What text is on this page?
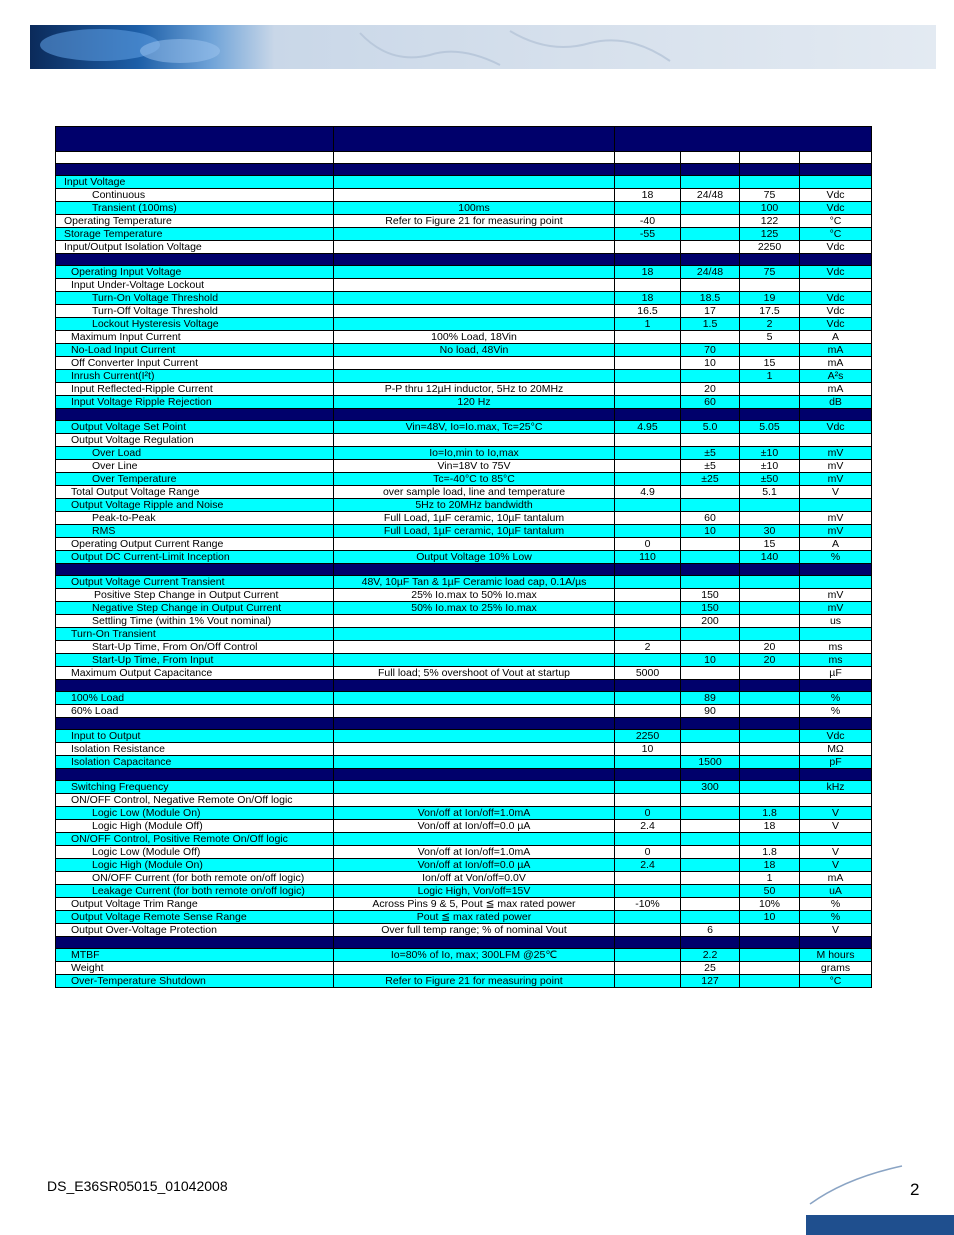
Input Voltage					
Continuous		18	24/48	75	Vdc
Transient (100ms)	100ms			100	Vdc
Operating Temperature	Refer to Figure 21 for measuring point	-40		122	°C
Storage Temperature		-55		125	°C
Input/Output Isolation Voltage				2250	Vdc

Operating Input Voltage		18	24/48	75	Vdc
Input Under-Voltage Lockout					
Turn-On Voltage Threshold		18	18.5	19	Vdc
Turn-Off Voltage Threshold		16.5	17	17.5	Vdc
Lockout Hysteresis Voltage		1	1.5	2	Vdc
Maximum Input Current	100% Load, 18Vin			5	A
No-Load Input Current	No load, 48Vin		70		mA
Off Converter Input Current			10	15	mA
Inrush Current(I²t)				1	A²s
Input Reflected-Ripple Current	P-P thru 12µH inductor, 5Hz to 20MHz		20		mA
Input Voltage Ripple Rejection	120 Hz		60		dB

Output Voltage Set Point	Vin=48V, Io=Io.max, Tc=25°C	4.95	5.0	5.05	Vdc
Output Voltage Regulation					
Over Load	Io=Io,min to Io,max		±5	±10	mV
Over Line	Vin=18V to 75V		±5	±10	mV
Over Temperature	Tc=-40°C to 85°C		±25	±50	mV
Total Output Voltage Range	over sample load, line and temperature	4.9		5.1	V
Output Voltage Ripple and Noise	5Hz to 20MHz bandwidth				
Peak-to-Peak	Full Load, 1µF ceramic, 10µF tantalum		60		mV
RMS	Full Load, 1µF ceramic, 10µF tantalum		10	30	mV
Operating Output Current Range		0		15	A
Output DC Current-Limit Inception	Output Voltage 10% Low	110		140	%

Output Voltage Current Transient	48V, 10µF Tan & 1µF Ceramic load cap, 0.1A/µs				
Positive Step Change in Output Current	25% Io.max to 50% Io.max		150		mV
Negative Step Change in Output Current	50% Io.max to 25% Io.max		150		mV
Settling Time (within 1% Vout nominal)			200		us
Turn-On Transient					
Start-Up Time, From On/Off Control		2		20	ms
Start-Up Time, From Input			10	20	ms
Maximum Output Capacitance	Full load; 5% overshoot of Vout at startup	5000			µF

100% Load			89		%
60% Load			90		%

Input to Output		2250			Vdc
Isolation Resistance		10			MΩ
Isolation Capacitance			1500		pF

Switching Frequency			300		kHz
ON/OFF Control, Negative Remote On/Off logic					
Logic Low (Module On)	Von/off at Ion/off=1.0mA	0		1.8	V
Logic High (Module Off)	Von/off at Ion/off=0.0 µA	2.4		18	V
ON/OFF Control, Positive Remote On/Off logic					
Logic Low (Module Off)	Von/off at Ion/off=1.0mA	0		1.8	V
Logic High (Module On)	Von/off at Ion/off=0.0 µA	2.4		18	V
ON/OFF Current (for both remote on/off logic)	Ion/off at Von/off=0.0V			1	mA
Leakage Current (for both remote on/off logic)	Logic High, Von/off=15V			50	uA
Output Voltage Trim Range	Across Pins 9 & 5, Pout ≦ max rated power	-10%		10%	%
Output Voltage Remote Sense Range	Pout ≦ max rated power			10	%
Output Over-Voltage Protection	Over full temp range; % of nominal Vout		6		V

MTBF	Io=80% of Io, max; 300LFM @25℃		2.2		M hours
Weight			25		grams
Over-Temperature Shutdown	Refer to Figure 21 for measuring point		127		°C
DS_E36SR05015_01042008	2
